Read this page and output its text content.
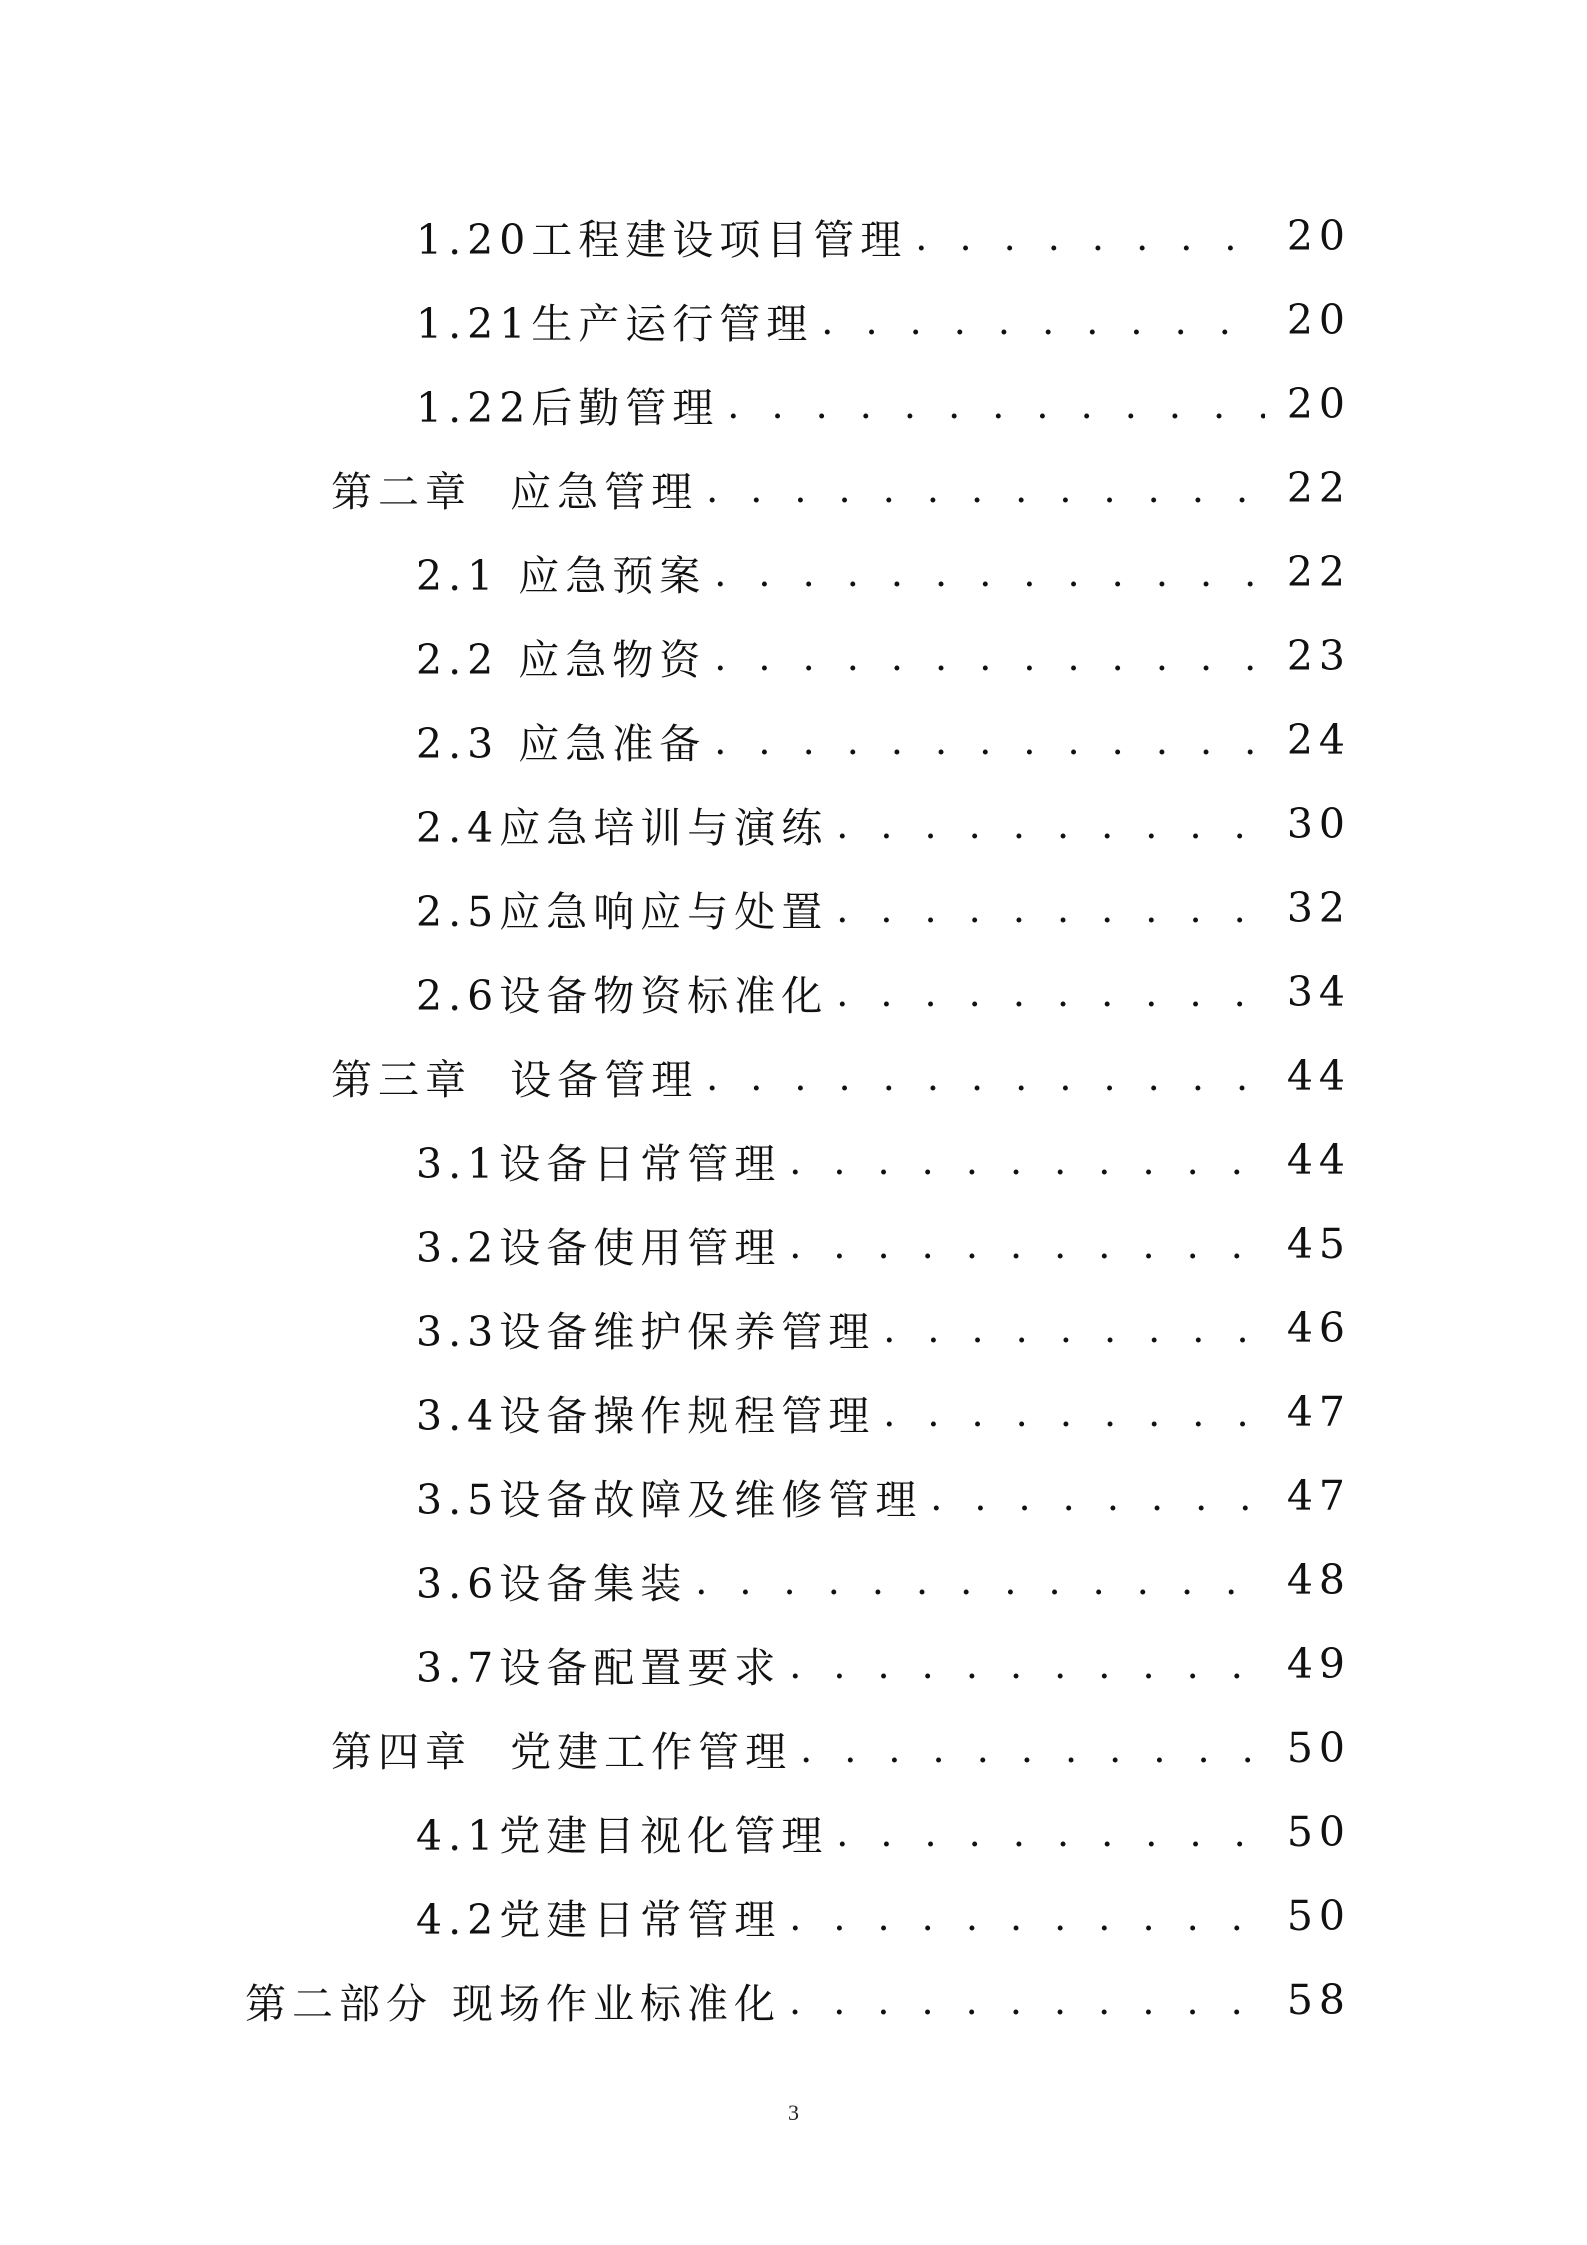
1.20工程建设项目管理 . . .	20
1.21生产运行管理 . . .	20
1.22后勤管理 . . .	20
第二章  应急管理 . . .	22
2.1 应急预案 . . .	22
2.2 应急物资 . . .	23
2.3 应急准备 . . .	24
2.4应急培训与演练 . . .	30
2.5应急响应与处置 . . .	32
2.6设备物资标准化 . . .	34
第三章  设备管理 . . .	44
3.1设备日常管理 . . .	44
3.2设备使用管理 . . .	45
3.3设备维护保养管理 . . .	46
3.4设备操作规程管理 . . .	47
3.5设备故障及维修管理 . . .	47
3.6设备集装 . . .	48
3.7设备配置要求 . . .	49
第四章  党建工作管理 . . .	50
4.1党建目视化管理 . . .	50
4.2党建日常管理 . . .	50
第二部分 现场作业标准化 . . .	58
3
